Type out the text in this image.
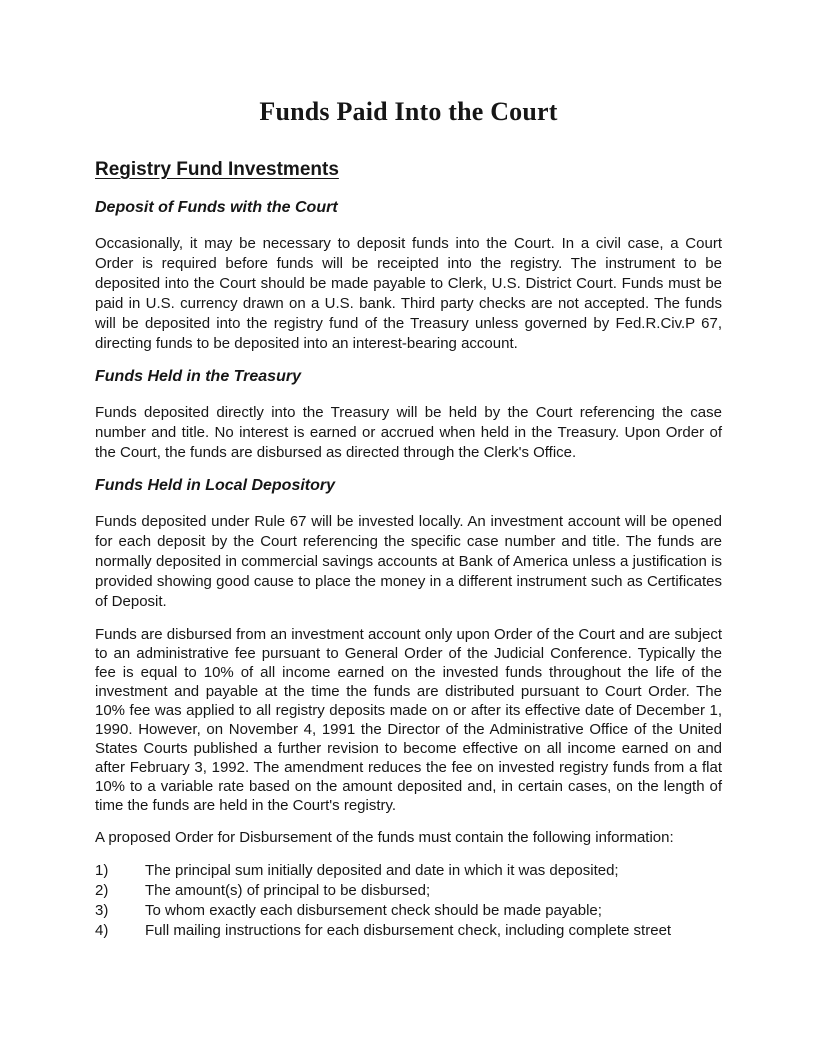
Funds Paid Into the Court
Registry Fund Investments
Deposit of Funds with the Court

Occasionally, it may be necessary to deposit funds into the Court. In a civil case, a Court Order is required before funds will be receipted into the registry. The instrument to be deposited into the Court should be made payable to Clerk, U.S. District Court. Funds must be paid in U.S. currency drawn on a U.S. bank. Third party checks are not accepted. The funds will be deposited into the registry fund of the Treasury unless governed by Fed.R.Civ.P 67, directing funds to be deposited into an interest-bearing account.

Funds Held in the Treasury

Funds deposited directly into the Treasury will be held by the Court referencing the case number and title. No interest is earned or accrued when held in the Treasury. Upon Order of the Court, the funds are disbursed as directed through the Clerk's Office.

Funds Held in Local Depository

Funds deposited under Rule 67 will be invested locally. An investment account will be opened for each deposit by the Court referencing the specific case number and title. The funds are normally deposited in commercial savings accounts at Bank of America unless a justification is provided showing good cause to place the money in a different instrument such as Certificates of Deposit.

Funds are disbursed from an investment account only upon Order of the Court and are subject to an administrative fee pursuant to General Order of the Judicial Conference. Typically the fee is equal to 10% of all income earned on the invested funds throughout the life of the investment and payable at the time the funds are distributed pursuant to Court Order. The 10% fee was applied to all registry deposits made on or after its effective date of December 1, 1990. However, on November 4, 1991 the Director of the Administrative Office of the United States Courts published a further revision to become effective on all income earned on and after February 3, 1992. The amendment reduces the fee on invested registry funds from a flat 10% to a variable rate based on the amount deposited and, in certain cases, on the length of time the funds are held in the Court's registry.

A proposed Order for Disbursement of the funds must contain the following information:

1)	The principal sum initially deposited and date in which it was deposited;
2)	The amount(s) of principal to be disbursed;
3)	To whom exactly each disbursement check should be made payable;
4)	Full mailing instructions for each disbursement check, including complete street
